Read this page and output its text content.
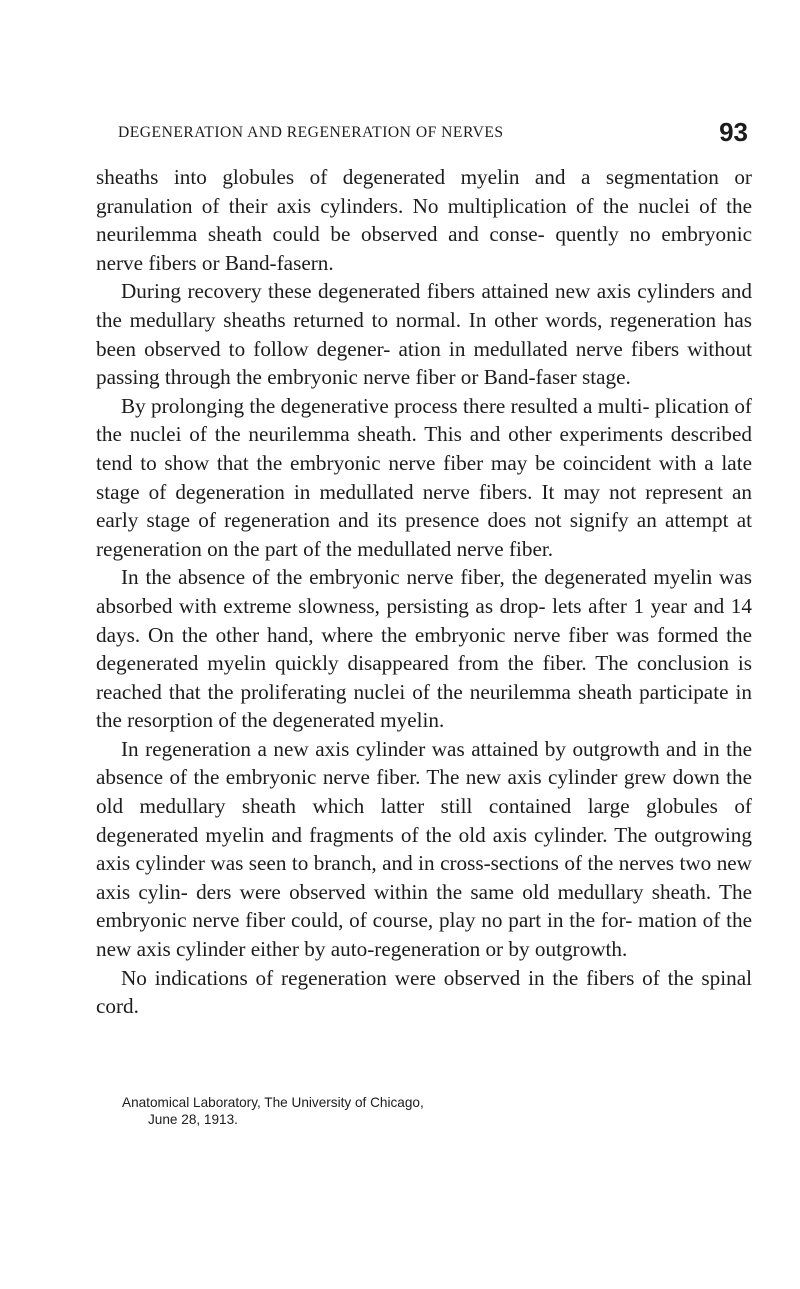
DEGENERATION AND REGENERATION OF NERVES	93

sheaths into globules of degenerated myelin and a segmentation or granulation of their axis cylinders. No multiplication of the nuclei of the neurilemma sheath could be observed and conse- quently no embryonic nerve fibers or Band-fasern.

During recovery these degenerated fibers attained new axis cylinders and the medullary sheaths returned to normal. In other words, regeneration has been observed to follow degener- ation in medullated nerve fibers without passing through the embryonic nerve fiber or Band-faser stage.

By prolonging the degenerative process there resulted a multi- plication of the nuclei of the neurilemma sheath. This and other experiments described tend to show that the embryonic nerve fiber may be coincident with a late stage of degeneration in medullated nerve fibers. It may not represent an early stage of regeneration and its presence does not signify an attempt at regeneration on the part of the medullated nerve fiber.

In the absence of the embryonic nerve fiber, the degenerated myelin was absorbed with extreme slowness, persisting as drop- lets after 1 year and 14 days. On the other hand, where the embryonic nerve fiber was formed the degenerated myelin quickly disappeared from the fiber. The conclusion is reached that the proliferating nuclei of the neurilemma sheath participate in the resorption of the degenerated myelin.

In regeneration a new axis cylinder was attained by outgrowth and in the absence of the embryonic nerve fiber. The new axis cylinder grew down the old medullary sheath which latter still contained large globules of degenerated myelin and fragments of the old axis cylinder. The outgrowing axis cylinder was seen to branch, and in cross-sections of the nerves two new axis cylin- ders were observed within the same old medullary sheath. The embryonic nerve fiber could, of course, play no part in the for- mation of the new axis cylinder either by auto-regeneration or by outgrowth.

No indications of regeneration were observed in the fibers of the spinal cord.

Anatomical Laboratory, The University of Chicago,
June 28, 1913.
